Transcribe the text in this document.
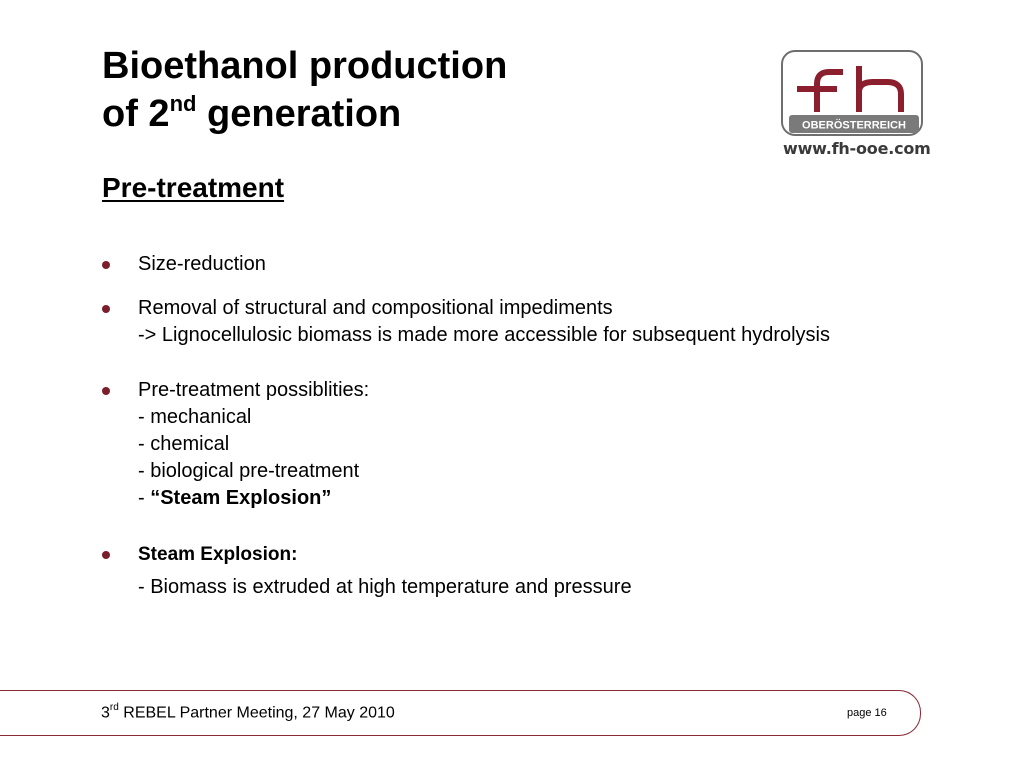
Bioethanol production
of 2nd generation
Pre-treatment
OBERÖSTERREICH
www.fh-ooe.com
Size-reduction
Removal of structural and compositional impediments
-> Lignocellulosic biomass is made more accessible for subsequent hydrolysis
Pre-treatment possiblities:
- mechanical
- chemical
- biological pre-treatment
- “Steam Explosion”
Steam Explosion:
- Biomass is extruded at high temperature and pressure
3rd REBEL Partner Meeting, 27 May 2010	page 16
